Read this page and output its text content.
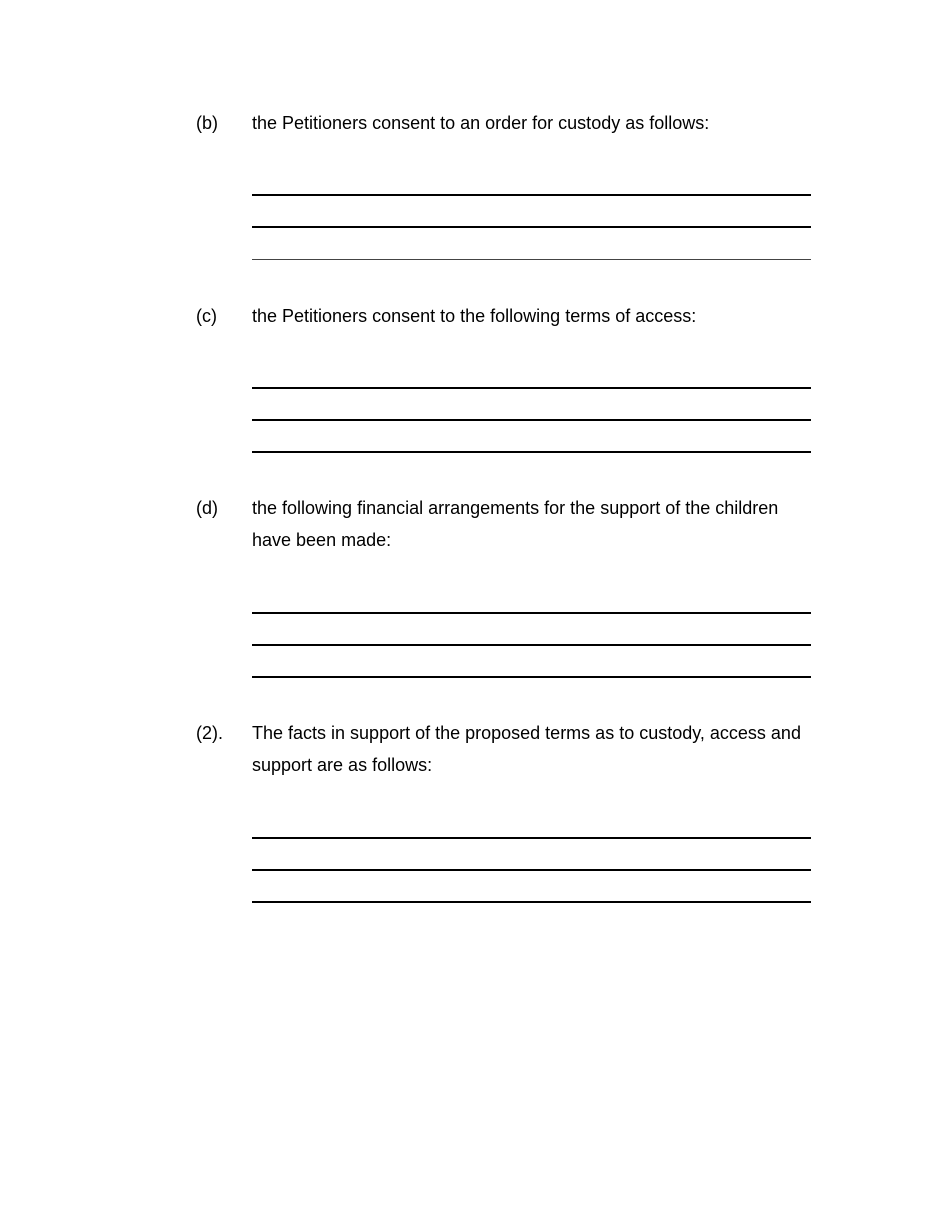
(b) the Petitioners consent to an order for custody as follows:
(c) the Petitioners consent to the following terms of access:
(d) the following financial arrangements for the support of the children have been made:
(2). The facts in support of the proposed terms as to custody, access and support are as follows:
